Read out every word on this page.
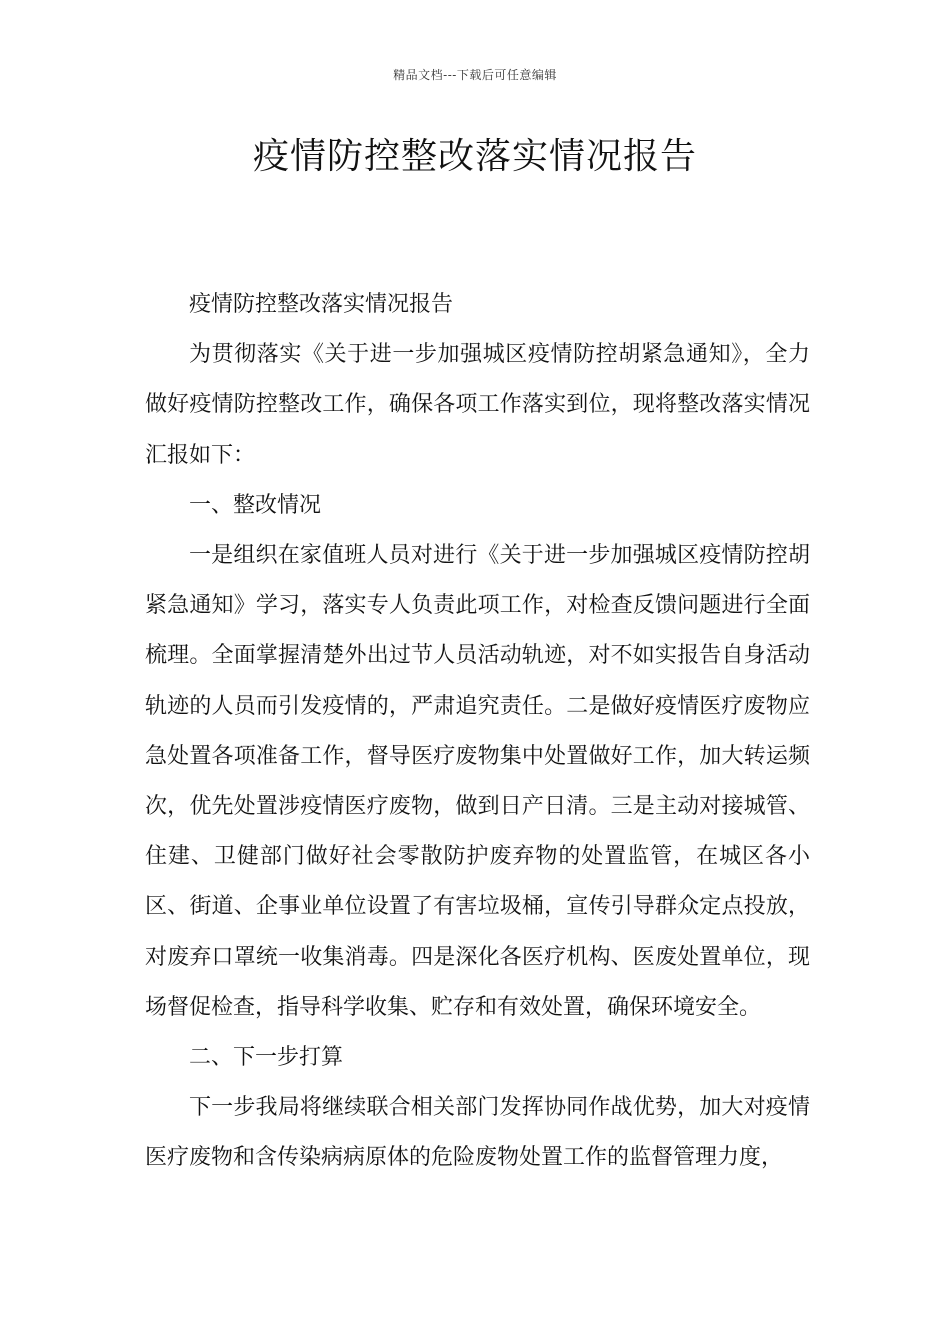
精品文档---下载后可任意编辑
疫情防控整改落实情况报告

疫情防控整改落实情况报告

为贯彻落实《关于进一步加强城区疫情防控胡紧急通知》，全力做好疫情防控整改工作，确保各项工作落实到位，现将整改落实情况汇报如下：

一、整改情况

一是组织在家值班人员对进行《关于进一步加强城区疫情防控胡紧急通知》学习，落实专人负责此项工作，对检查反馈问题进行全面梳理。全面掌握清楚外出过节人员活动轨迹，对不如实报告自身活动轨迹的人员而引发疫情的，严肃追究责任。二是做好疫情医疗废物应急处置各项准备工作，督导医疗废物集中处置做好工作，加大转运频次，优先处置涉疫情医疗废物，做到日产日清。三是主动对接城管、住建、卫健部门做好社会零散防护废弃物的处置监管，在城区各小区、街道、企事业单位设置了有害垃圾桶，宣传引导群众定点投放，对废弃口罩统一收集消毒。四是深化各医疗机构、医废处置单位，现场督促检查，指导科学收集、贮存和有效处置，确保环境安全。

二、下一步打算

下一步我局将继续联合相关部门发挥协同作战优势，加大对疫情医疗废物和含传染病病原体的危险废物处置工作的监督管理力度，
